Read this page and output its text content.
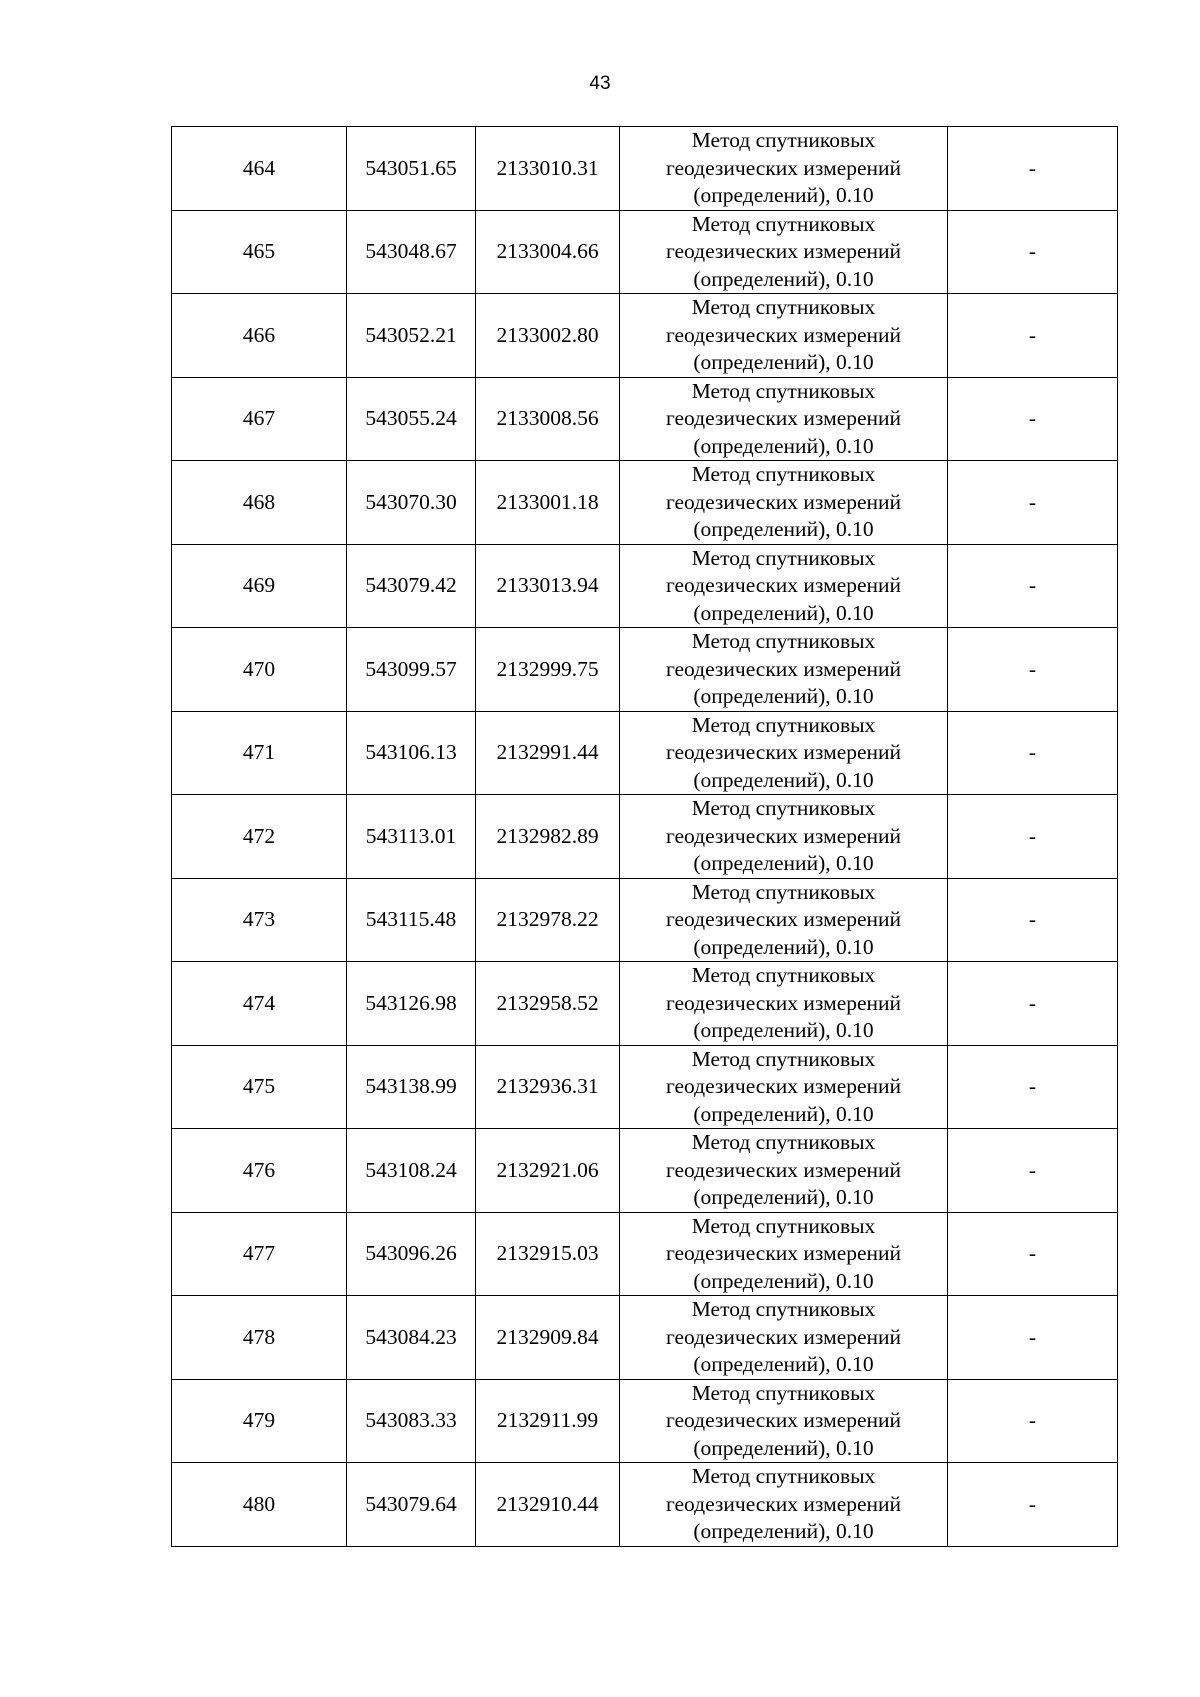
43
464	543051.65	2133010.31	Метод спутниковых
геодезических измерений
(определений), 0.10	-
465	543048.67	2133004.66	Метод спутниковых
геодезических измерений
(определений), 0.10	-
466	543052.21	2133002.80	Метод спутниковых
геодезических измерений
(определений), 0.10	-
467	543055.24	2133008.56	Метод спутниковых
геодезических измерений
(определений), 0.10	-
468	543070.30	2133001.18	Метод спутниковых
геодезических измерений
(определений), 0.10	-
469	543079.42	2133013.94	Метод спутниковых
геодезических измерений
(определений), 0.10	-
470	543099.57	2132999.75	Метод спутниковых
геодезических измерений
(определений), 0.10	-
471	543106.13	2132991.44	Метод спутниковых
геодезических измерений
(определений), 0.10	-
472	543113.01	2132982.89	Метод спутниковых
геодезических измерений
(определений), 0.10	-
473	543115.48	2132978.22	Метод спутниковых
геодезических измерений
(определений), 0.10	-
474	543126.98	2132958.52	Метод спутниковых
геодезических измерений
(определений), 0.10	-
475	543138.99	2132936.31	Метод спутниковых
геодезических измерений
(определений), 0.10	-
476	543108.24	2132921.06	Метод спутниковых
геодезических измерений
(определений), 0.10	-
477	543096.26	2132915.03	Метод спутниковых
геодезических измерений
(определений), 0.10	-
478	543084.23	2132909.84	Метод спутниковых
геодезических измерений
(определений), 0.10	-
479	543083.33	2132911.99	Метод спутниковых
геодезических измерений
(определений), 0.10	-
480	543079.64	2132910.44	Метод спутниковых
геодезических измерений
(определений), 0.10	-
